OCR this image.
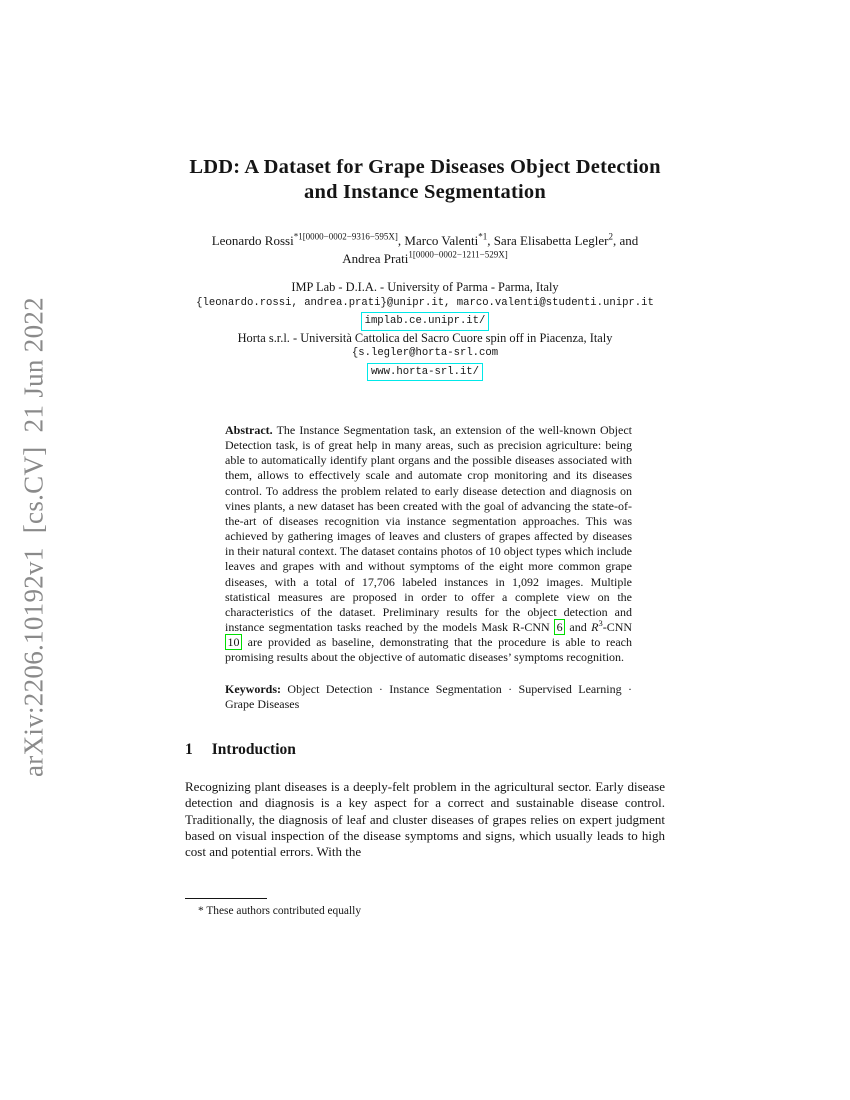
arXiv:2206.10192v1  [cs.CV]  21 Jun 2022
LDD: A Dataset for Grape Diseases Object Detection and Instance Segmentation
Leonardo Rossi$^{*1[0000-0002-9316-595X]}$, Marco Valenti$^{*1}$, Sara Elisabetta Legler$^2$, and Andrea Prati$^{1[0000-0002-1211-529X]}$
IMP Lab - D.I.A. - University of Parma - Parma, Italy
{leonardo.rossi, andrea.prati}@unipr.it, marco.valenti@studenti.unipr.it
implab.ce.unipr.it/
Horta s.r.l. - Università Cattolica del Sacro Cuore spin off in Piacenza, Italy
{s.legler@horta-srl.com
www.horta-srl.it/

Abstract. The Instance Segmentation task, an extension of the well-known Object Detection task, is of great help in many areas, such as precision agriculture: being able to automatically identify plant organs and the possible diseases associated with them, allows to effectively scale and automate crop monitoring and its diseases control. To address the problem related to early disease detection and diagnosis on vines plants, a new dataset has been created with the goal of advancing the state-of-the-art of diseases recognition via instance segmentation approaches. This was achieved by gathering images of leaves and clusters of grapes affected by diseases in their natural context. The dataset contains photos of 10 object types which include leaves and grapes with and without symptoms of the eight more common grape diseases, with a total of 17,706 labeled instances in 1,092 images. Multiple statistical measures are proposed in order to offer a complete view on the characteristics of the dataset. Preliminary results for the object detection and instance segmentation tasks reached by the models Mask R-CNN 6 and $R^3$-CNN 10 are provided as baseline, demonstrating that the procedure is able to reach promising results about the objective of automatic diseases’ symptoms recognition.

Keywords: Object Detection · Instance Segmentation · Supervised Learning · Grape Diseases

1 Introduction

Recognizing plant diseases is a deeply-felt problem in the agricultural sector. Early disease detection and diagnosis is a key aspect for a correct and sustainable disease control. Traditionally, the diagnosis of leaf and cluster diseases of grapes relies on expert judgment based on visual inspection of the disease symptoms and signs, which usually leads to high cost and potential errors. With the

* These authors contributed equally
